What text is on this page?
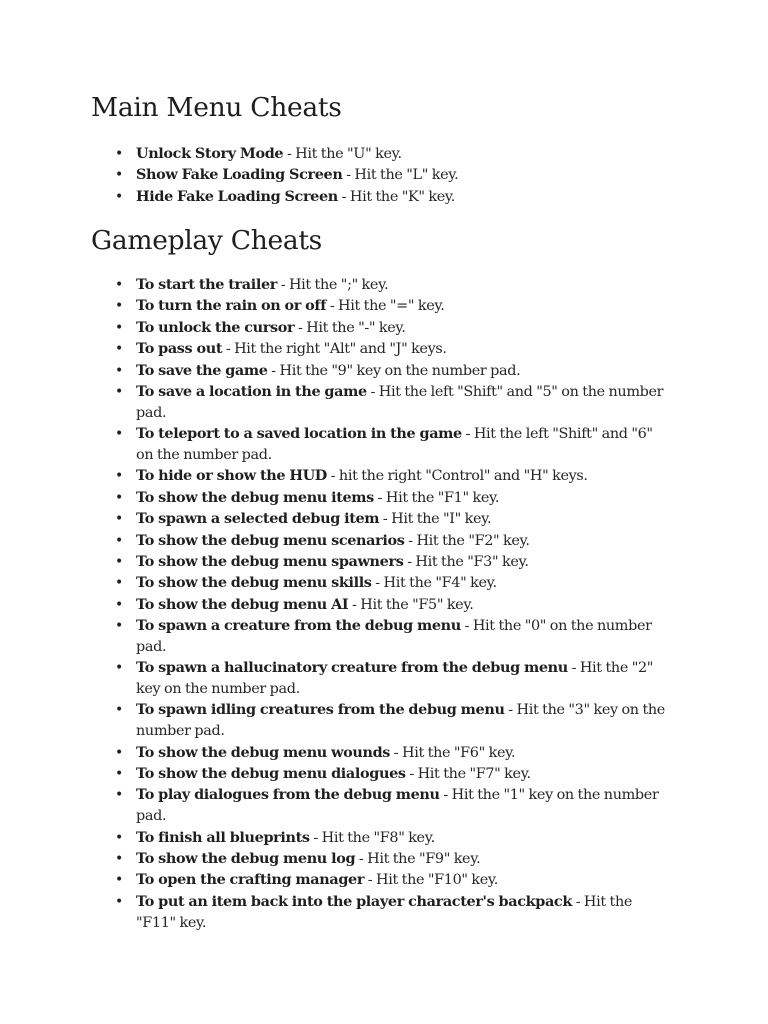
Main Menu Cheats
• Unlock Story Mode - Hit the "U" key.
• Show Fake Loading Screen - Hit the "L" key.
• Hide Fake Loading Screen - Hit the "K" key.
Gameplay Cheats
• To start the trailer - Hit the ";" key.
• To turn the rain on or off - Hit the "=" key.
• To unlock the cursor - Hit the "-" key.
• To pass out - Hit the right "Alt" and "J" keys.
• To save the game - Hit the "9" key on the number pad.
• To save a location in the game - Hit the left "Shift" and "5" on the number pad.
• To teleport to a saved location in the game - Hit the left "Shift" and "6" on the number pad.
• To hide or show the HUD - hit the right "Control" and "H" keys.
• To show the debug menu items - Hit the "F1" key.
• To spawn a selected debug item - Hit the "I" key.
• To show the debug menu scenarios - Hit the "F2" key.
• To show the debug menu spawners - Hit the "F3" key.
• To show the debug menu skills - Hit the "F4" key.
• To show the debug menu AI - Hit the "F5" key.
• To spawn a creature from the debug menu - Hit the "0" on the number pad.
• To spawn a hallucinatory creature from the debug menu - Hit the "2" key on the number pad.
• To spawn idling creatures from the debug menu - Hit the "3" key on the number pad.
• To show the debug menu wounds - Hit the "F6" key.
• To show the debug menu dialogues - Hit the "F7" key.
• To play dialogues from the debug menu - Hit the "1" key on the number pad.
• To finish all blueprints - Hit the "F8" key.
• To show the debug menu log - Hit the "F9" key.
• To open the crafting manager - Hit the "F10" key.
• To put an item back into the player character's backpack - Hit the "F11" key.
